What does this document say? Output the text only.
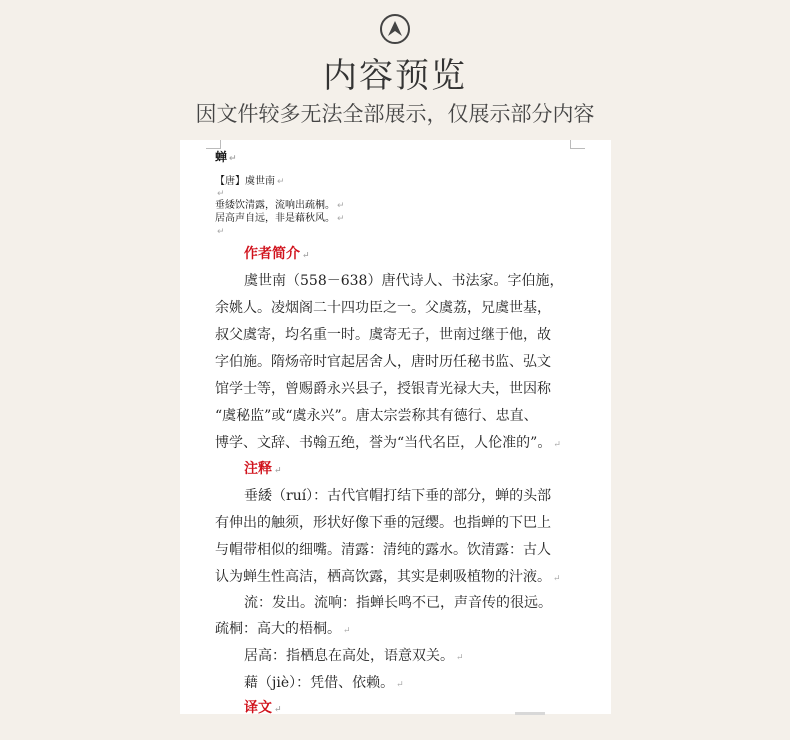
内容预览
因文件较多无法全部展示，仅展示部分内容
蝉 ↵
【唐】虞世南 ↵
↵
垂緌饮清露，流响出疏桐。 ↵
居高声自远，非是藉秋风。 ↵
↵
作者简介 ↵
虞世南（558－638）唐代诗人、书法家。字伯施，
余姚人。凌烟阁二十四功臣之一。父虞荔，兄虞世基，
叔父虞寄，均名重一时。虞寄无子，世南过继于他，故
字伯施。隋炀帝时官起居舍人，唐时历任秘书监、弘文
馆学士等，曾赐爵永兴县子，授银青光禄大夫，世因称
“虞秘监”或“虞永兴”。唐太宗尝称其有德行、忠直、
博学、文辞、书翰五绝，誉为“当代名臣，人伦准的”。 ↵
注释 ↵
垂緌（ruí）：古代官帽打结下垂的部分，蝉的头部
有伸出的触须，形状好像下垂的冠缨。也指蝉的下巴上
与帽带相似的细嘴。清露：清纯的露水。饮清露：古人
认为蝉生性高洁，栖高饮露，其实是刺吸植物的汁液。 ↵
流：发出。流响：指蝉长鸣不已，声音传的很远。
疏桐：高大的梧桐。 ↵
居高：指栖息在高处，语意双关。 ↵
藉（jiè）：凭借、依赖。 ↵
译文 ↵
